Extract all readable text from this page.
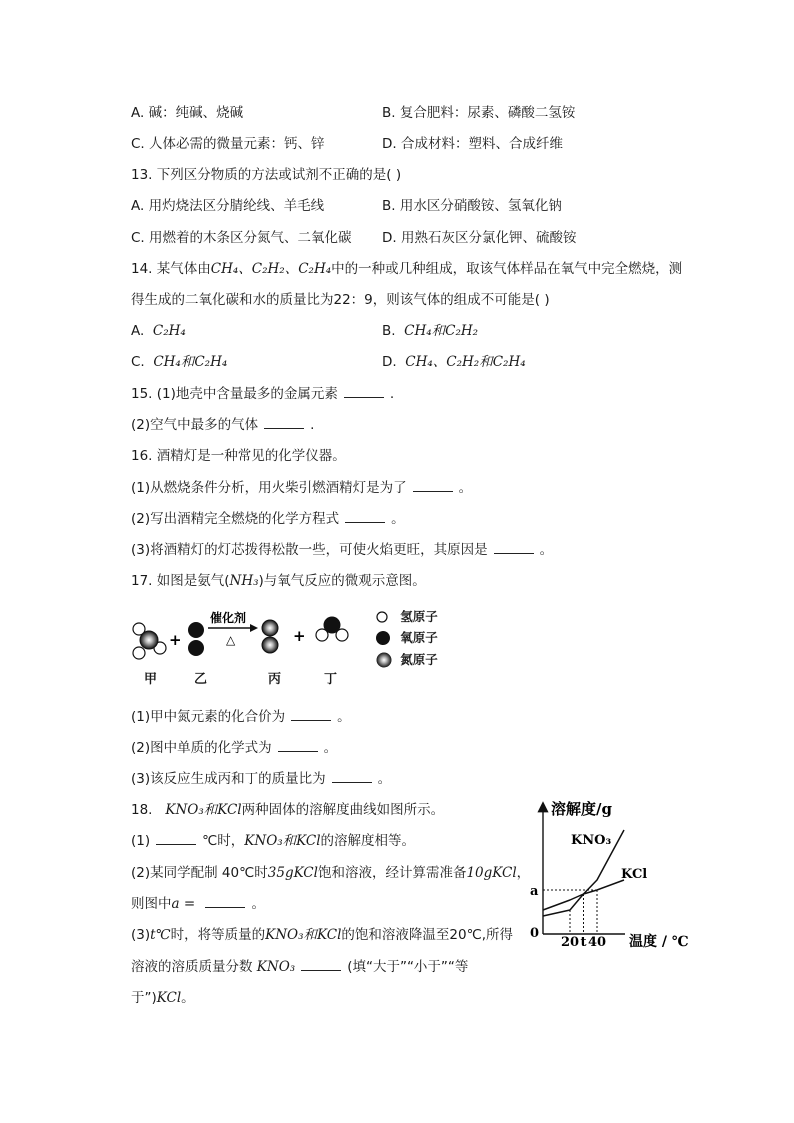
A. 碱：纯碱、烧碱	B. 复合肥料：尿素、磷酸二氢铵
C. 人体必需的微量元素：钙、锌	D. 合成材料：塑料、合成纤维
13. 下列区分物质的方法或试剂不正确的是( )
A. 用灼烧法区分腈纶线、羊毛线	B. 用水区分硝酸铵、氢氧化钠
C. 用燃着的木条区分氮气、二氧化碳 D. 用熟石灰区分氯化钾、硫酸铵
14. 某气体由CH₄、C₂H₂、C₂H₄中的一种或几种组成，取该气体样品在氧气中完全燃烧，测
得生成的二氧化碳和水的质量比为22：9，则该气体的组成不可能是( )
A. C₂H₄	B. CH₄和C₂H₂
C. CH₄和C₂H₄	D. CH₄、C₂H₂和C₂H₄
15. (1)地壳中含量最多的金属元素	.
(2)空气中最多的气体	.
16. 酒精灯是一种常见的化学仪器。
(1)从燃烧条件分析，用火柴引燃酒精灯是为了	。
(2)写出酒精完全燃烧的化学方程式	。
(3)将酒精灯的灯芯拨得松散一些，可使火焰更旺，其原因是	。
17. 如图是氨气(NH₃)与氧气反应的微观示意图。
+
催化剂
△	+
甲	乙	丙	丁
氢原子
氧原子
氮原子
(1)甲中氮元素的化合价为	。
(2)图中单质的化学式为	。
(3)该反应生成丙和丁的质量比为	。
18. KNO₃和KCl两种固体的溶解度曲线如图所示。
(1)	℃时，KNO₃和KCl的溶解度相等。
(2)某同学配制 40℃时35gKCl饱和溶液，经计算需准备10gKCl，
则图中a =	。
(3)t℃时，将等质量的KNO₃和KCl的饱和溶液降温至20℃,所得
溶液的溶质质量分数 KNO₃	(填“大于”“小于”“等
于”)KCl。
溶解度/g
温度 / ℃
0
KNO₃
KCl
a
20 t 40
